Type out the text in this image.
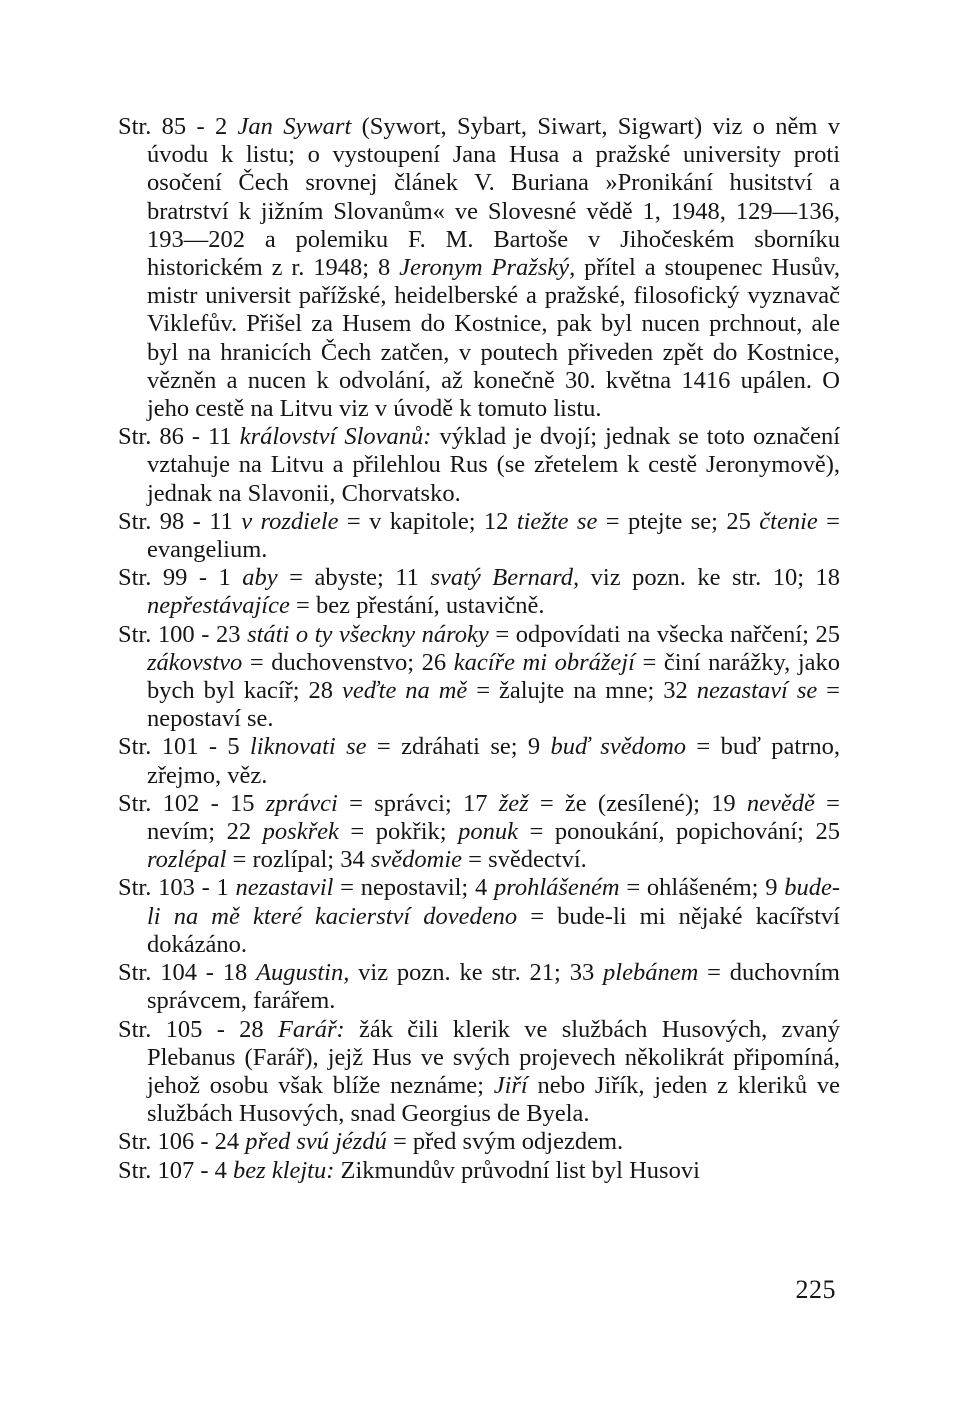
Str. 85 - 2 Jan Sywart (Sywort, Sybart, Siwart, Sigwart) viz o něm v úvodu k listu; o vystoupení Jana Husa a pražské university proti osočení Čech srovnej článek V. Buriana »Pronikání husitství a bratrství k jižním Slovanům« ve Slovesné vědě 1, 1948, 129—136, 193—202 a polemiku F. M. Bartoše v Jihočeském sborníku historickém z r. 1948; 8 Jeronym Pražský, přítel a stoupenec Husův, mistr universit pařížské, heidelberské a pražské, filosofický vyznavač Viklefův. Přišel za Husem do Kostnice, pak byl nucen prchnout, ale byl na hranicích Čech zatčen, v poutech přiveden zpět do Kostnice, vězněn a nucen k odvolání, až konečně 30. května 1416 upálen. O jeho cestě na Litvu viz v úvodě k tomuto listu.

Str. 86 - 11 království Slovanů: výklad je dvojí; jednak se toto označení vztahuje na Litvu a přilehlou Rus (se zřetelem k cestě Jeronymově), jednak na Slavonii, Chorvatsko.

Str. 98 - 11 v rozdiele = v kapitole; 12 tiežte se = ptejte se; 25 čtenie = evangelium.

Str. 99 - 1 aby = abyste; 11 svatý Bernard, viz pozn. ke str. 10; 18 nepřestávajíce = bez přestání, ustavičně.

Str. 100 - 23 státi o ty všeckny nároky = odpovídati na všecka nařčení; 25 zákovstvo = duchovenstvo; 26 kacíře mi obrážejí = činí narážky, jako bych byl kacíř; 28 veďte na mě = žalujte na mne; 32 nezastaví se = nepostaví se.

Str. 101 - 5 liknovati se = zdráhati se; 9 buď svědomo = buď patrno, zřejmo, věz.

Str. 102 - 15 zprávci = správci; 17 žež = že (zesílené); 19 nevědě = nevím; 22 poskřek = pokřik; ponuk = ponoukání, popichování; 25 rozlépal = rozlípal; 34 svědomie = svědectví.

Str. 103 - 1 nezastavil = nepostavil; 4 prohlášeném = ohlášeném; 9 bude-li na mě které kacierství dovedeno = bude-li mi nějaké kacířství dokázáno.

Str. 104 - 18 Augustin, viz pozn. ke str. 21; 33 plebánem = duchovním správcem, farářem.

Str. 105 - 28 Farář: žák čili klerik ve službách Husových, zvaný Plebanus (Farář), jejž Hus ve svých projevech několikrát připomíná, jehož osobu však blíže neznáme; Jiří nebo Jiřík, jeden z kleriků ve službách Husových, snad Georgius de Byela.

Str. 106 - 24 před svú jézdú = před svým odjezdem.

Str. 107 - 4 bez klejtu: Zikmundův průvodní list byl Husovi

225
